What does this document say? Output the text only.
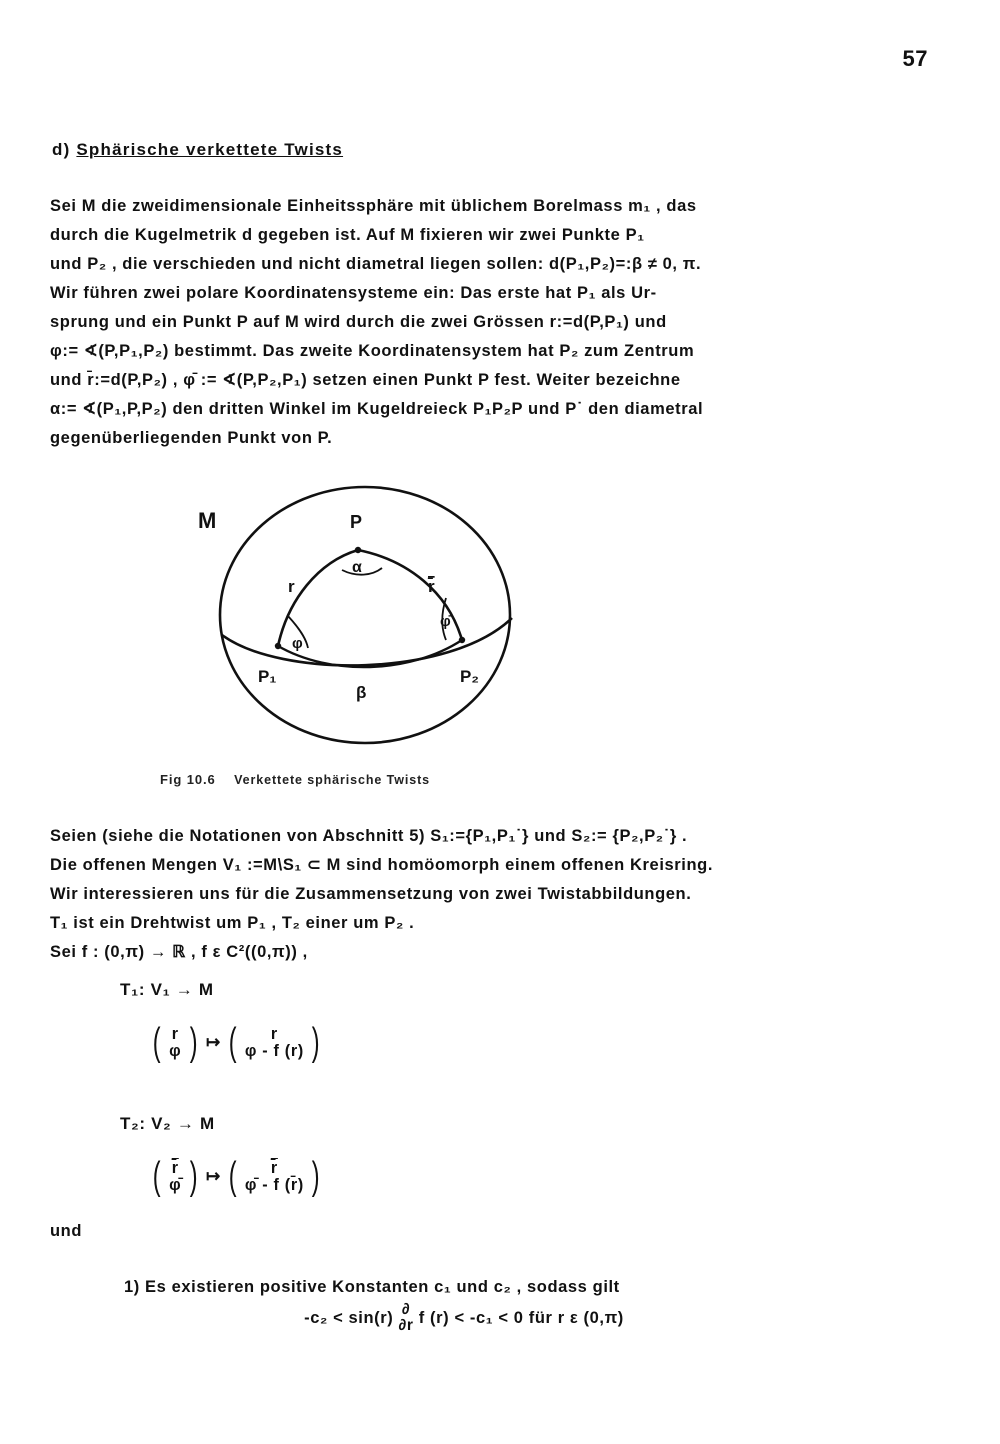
57
d) Sphärische verkettete Twists
Sei M die zweidimensionale Einheitssphäre mit üblichem Borelmass m₁ , das
durch die Kugelmetrik d gegeben ist. Auf M fixieren wir zwei Punkte P₁
und P₂ , die verschieden und nicht diametral liegen sollen: d(P₁,P₂)=:β ≠ 0, π.
Wir führen zwei polare Koordinatensysteme ein: Das erste hat P₁ als Ur-
sprung und ein Punkt P auf M wird durch die zwei Grössen r:=d(P,P₁) und
φ:= ∢(P,P₁,P₂) bestimmt. Das zweite Koordinatensystem hat P₂ zum Zentrum
und r̄:=d(P,P₂) , φ̄ := ∢(P,P₂,P₁) setzen einen Punkt P fest. Weiter bezeichne
α:= ∢(P₁,P,P₂) den dritten Winkel im Kugeldreieck P₁P₂P und P˙ den diametral
gegenüberliegenden Punkt von P.
M	P
α
r	r̄
φ
φ̄
P₁	P₂
β
Fig 10.6 Verkettete sphärische Twists
Seien (siehe die Notationen von Abschnitt 5) S₁:={P₁,P₁˙} und S₂:= {P₂,P₂˙} .
Die offenen Mengen V₁ :=M\S₁ ⊂ M sind homöomorph einem offenen Kreisring.
Wir interessieren uns für die Zusammensetzung von zwei Twistabbildungen.
T₁ ist ein Drehtwist um P₁ , T₂ einer um P₂ .
Sei f : (0,π) → ℝ , f ε C²((0,π)) ,
T₁: V₁ → M
( r
φ ) ↦ (	r
φ - f (r) )
T₂: V₂ → M
( r̄
φ̄ ) ↦ (	r̄
φ̄ - f (r̄) )
und
1) Es existieren positive Konstanten c₁ und c₂ , sodass gilt
-c₂ < sin(r) ∂
∂r f (r) < -c₁ < 0 für r ε (0,π)
